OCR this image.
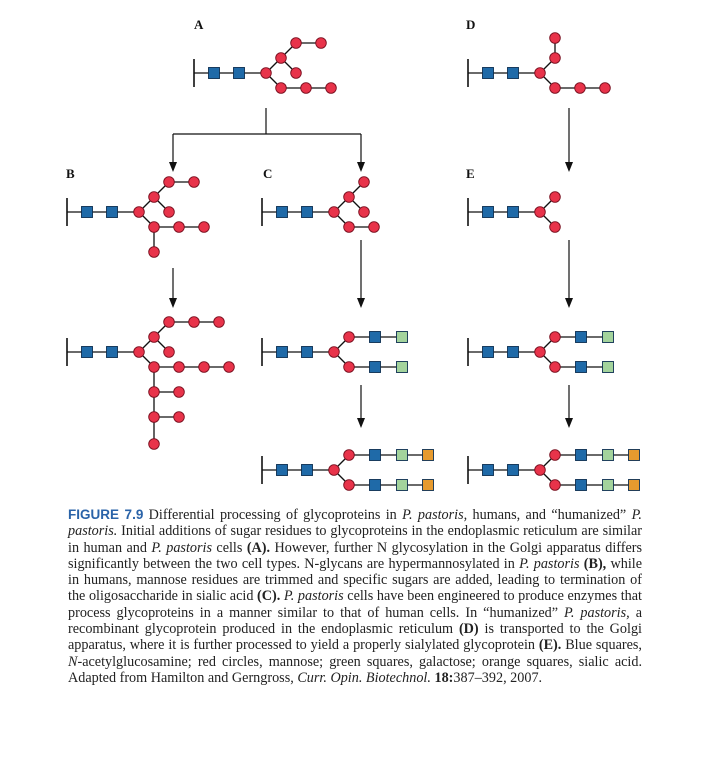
A
B	C
D
E

FIGURE 7.9 Differential processing of glycoproteins in P. pastoris, humans, and “humanized” P. pastoris. Initial additions of sugar residues to glycoproteins in the endoplasmic reticulum are similar in human and P. pastoris cells (A). However, further N glycosylation in the Golgi apparatus differs significantly between the two cell types. N-glycans are hypermannosylated in P. pastoris (B), while in humans, mannose residues are trimmed and specific sugars are added, leading to termination of the oligosaccharide in sialic acid (C). P. pastoris cells have been engineered to produce enzymes that process glycoproteins in a manner similar to that of human cells. In “humanized” P. pastoris, a recombinant glycoprotein produced in the endoplasmic reticulum (D) is transported to the Golgi apparatus, where it is further processed to yield a properly sialylated glycoprotein (E). Blue squares, N-acetylglucosamine; red circles, mannose; green squares, galactose; orange squares, sialic acid. Adapted from Hamilton and Gerngross, Curr. Opin. Biotechnol. 18:387–392, 2007.
